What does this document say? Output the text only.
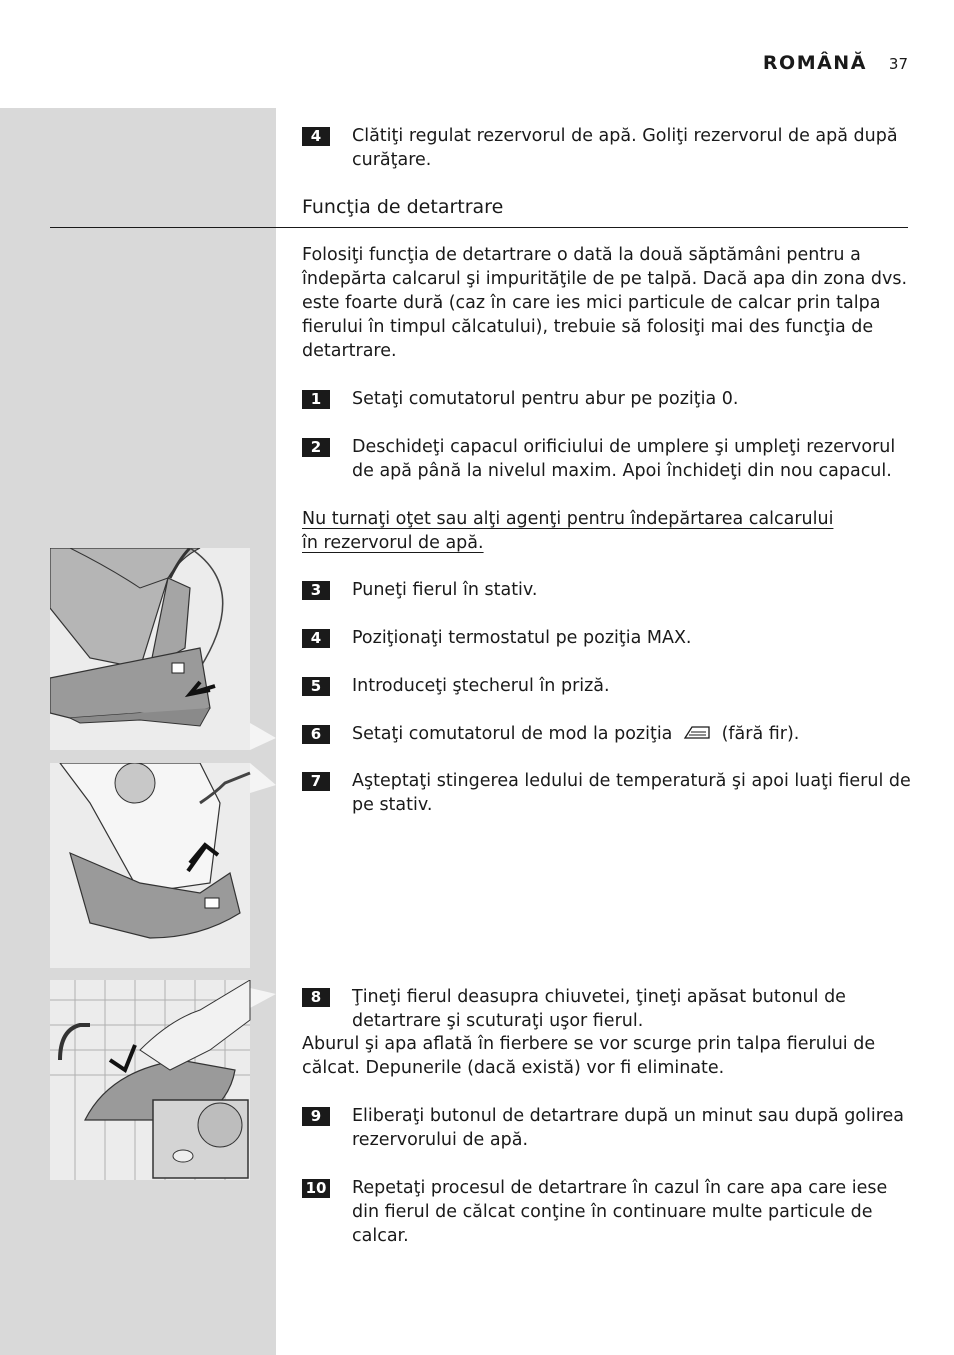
ROMÂNĂ 37
4	Clătiţi regulat rezervorul de apă. Goliţi rezervorul de apă după curăţare.
Funcţia de detartrare
Folosiţi funcţia de detartrare o dată la două săptămâni pentru a îndepărta calcarul şi impurităţile de pe talpă. Dacă apa din zona dvs. este foarte dură (caz în care ies mici particule de calcar prin talpa fierului în timpul călcatului), trebuie să folosiţi mai des funcţia de detartrare.
1	Setaţi comutatorul pentru abur pe poziţia 0.
2	Deschideţi capacul orificiului de umplere şi umpleţi rezervorul de apă până la nivelul maxim. Apoi închideţi din nou capacul.
Nu turnaţi oţet sau alţi agenţi pentru îndepărtarea calcarului în rezervorul de apă.
3	Puneţi fierul în stativ.
4	Poziţionaţi termostatul pe poziţia MAX.
5	Introduceţi ştecherul în priză.
6	Setaţi comutatorul de mod la poziţia	(fără fir).
7	Aşteptaţi stingerea ledului de temperatură şi apoi luaţi fierul de pe stativ.
8	Ţineţi fierul deasupra chiuvetei, ţineţi apăsat butonul de detartrare şi scuturaţi uşor fierul.
Aburul şi apa aflată în fierbere se vor scurge prin talpa fierului de călcat. Depunerile (dacă există) vor fi eliminate.
9	Eliberaţi butonul de detartrare după un minut sau după golirea rezervorului de apă.
10 Repetaţi procesul de detartrare în cazul în care apa care iese din fierul de călcat conţine în continuare multe particule de calcar.
